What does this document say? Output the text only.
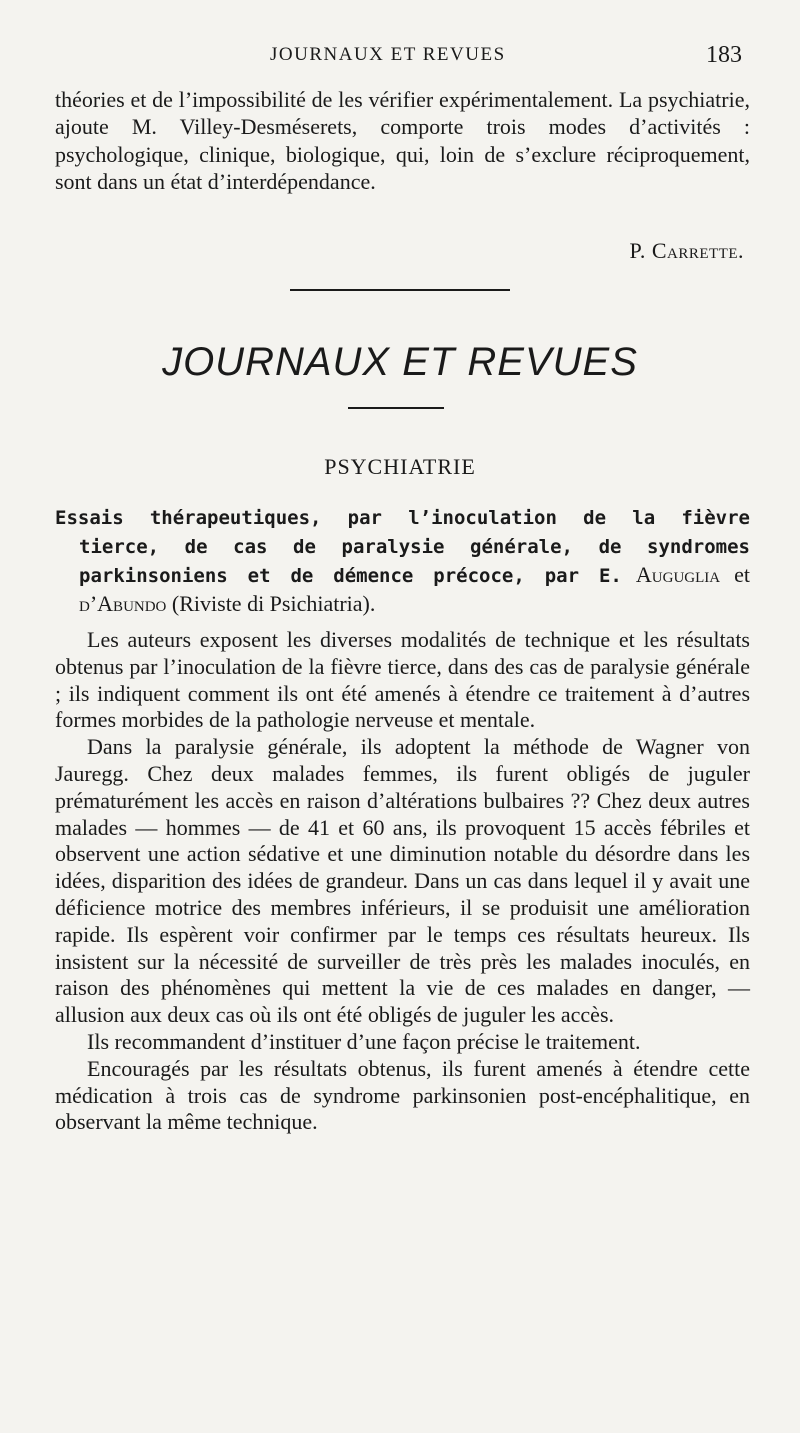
JOURNAUX ET REVUES	183

théories et de l’impossibilité de les vérifier expérimentalement. La psychiatrie, ajoute M. Villey-Desméserets, comporte trois modes d’activités : psychologique, clinique, biologique, qui, loin de s’exclure réciproquement, sont dans un état d’interdépendance.

P. Carrette.
JOURNAUX ET REVUES
PSYCHIATRIE

Essais thérapeutiques, par l’inoculation de la fièvre tierce, de cas de paralysie générale, de syndromes parkinsoniens et de démence précoce, par E. Auguglia et d’Abundo (Riviste di Psichiatria).

Les auteurs exposent les diverses modalités de technique et les résultats obtenus par l’inoculation de la fièvre tierce, dans des cas de paralysie générale ; ils indiquent comment ils ont été amenés à étendre ce traitement à d’autres formes morbides de la pathologie nerveuse et mentale.

Dans la paralysie générale, ils adoptent la méthode de Wagner von Jauregg. Chez deux malades femmes, ils furent obligés de juguler prématurément les accès en raison d’altérations bulbaires ?? Chez deux autres malades — hommes — de 41 et 60 ans, ils provoquent 15 accès fébriles et observent une action sédative et une diminution notable du désordre dans les idées, disparition des idées de grandeur. Dans un cas dans lequel il y avait une déficience motrice des membres inférieurs, il se produisit une amélioration rapide. Ils espèrent voir confirmer par le temps ces résultats heureux. Ils insistent sur la nécessité de surveiller de très près les malades inoculés, en raison des phénomènes qui mettent la vie de ces malades en danger, — allusion aux deux cas où ils ont été obligés de juguler les accès.

Ils recommandent d’instituer d’une façon précise le traitement.

Encouragés par les résultats obtenus, ils furent amenés à étendre cette médication à trois cas de syndrome parkinsonien post-encéphalitique, en observant la même technique.
